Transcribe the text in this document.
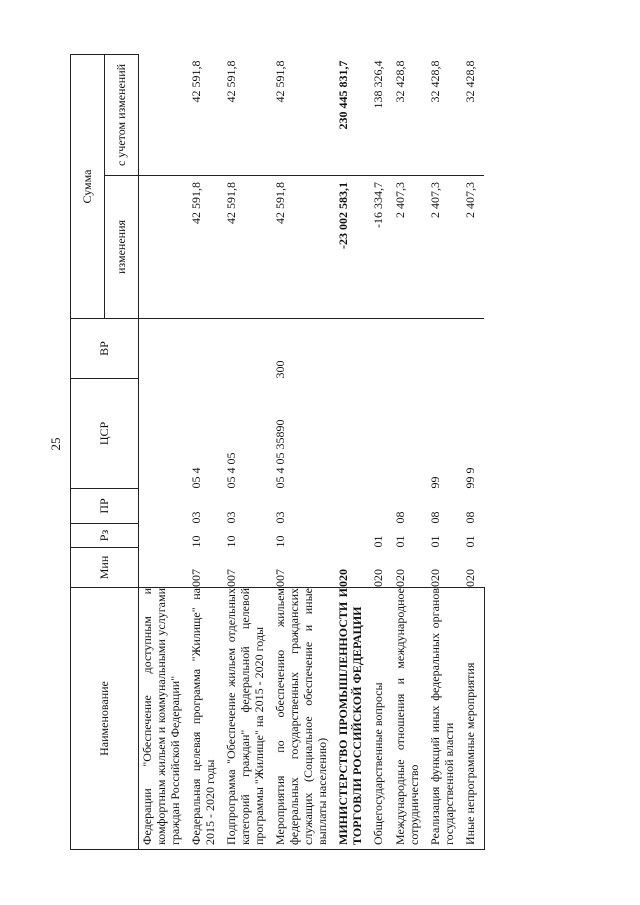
25
Наименование	Мин	Рз	ПР	ЦСР	ВР	Сумма	
						изменения	с учетом изменений
Федерации "Обеспечение доступным и комфортным жильем и коммунальными услугами граждан Российской Федерации"							
Федеральная целевая программа "Жилище" на 2015 - 2020 годы	007	10	03	05 4		42 591,8	42 591,8
Подпрограмма "Обеспечение жильем отдельных категорий граждан" федеральной целевой программы "Жилище" на 2015 - 2020 годы	007	10	03	05 4 05		42 591,8	42 591,8
Мероприятия по обеспечению жильем федеральных государственных гражданских служащих (Социальное обеспечение и иные выплаты населению)	007	10	03	05 4 05 35890	300	42 591,8	42 591,8
МИНИСТЕРСТВО ПРОМЫШЛЕННОСТИ И ТОРГОВЛИ РОССИЙСКОЙ ФЕДЕРАЦИИ	020					-23 002 583,1	230 445 831,7
Общегосударственные вопросы	020	01				-16 334,7	138 326,4
Международные отношения и международное сотрудничество	020	01	08			2 407,3	32 428,8
Реализация функций иных федеральных органов государственной власти	020	01	08	99		2 407,3	32 428,8
Иные непрограммные мероприятия	020	01	08	99 9		2 407,3	32 428,8
